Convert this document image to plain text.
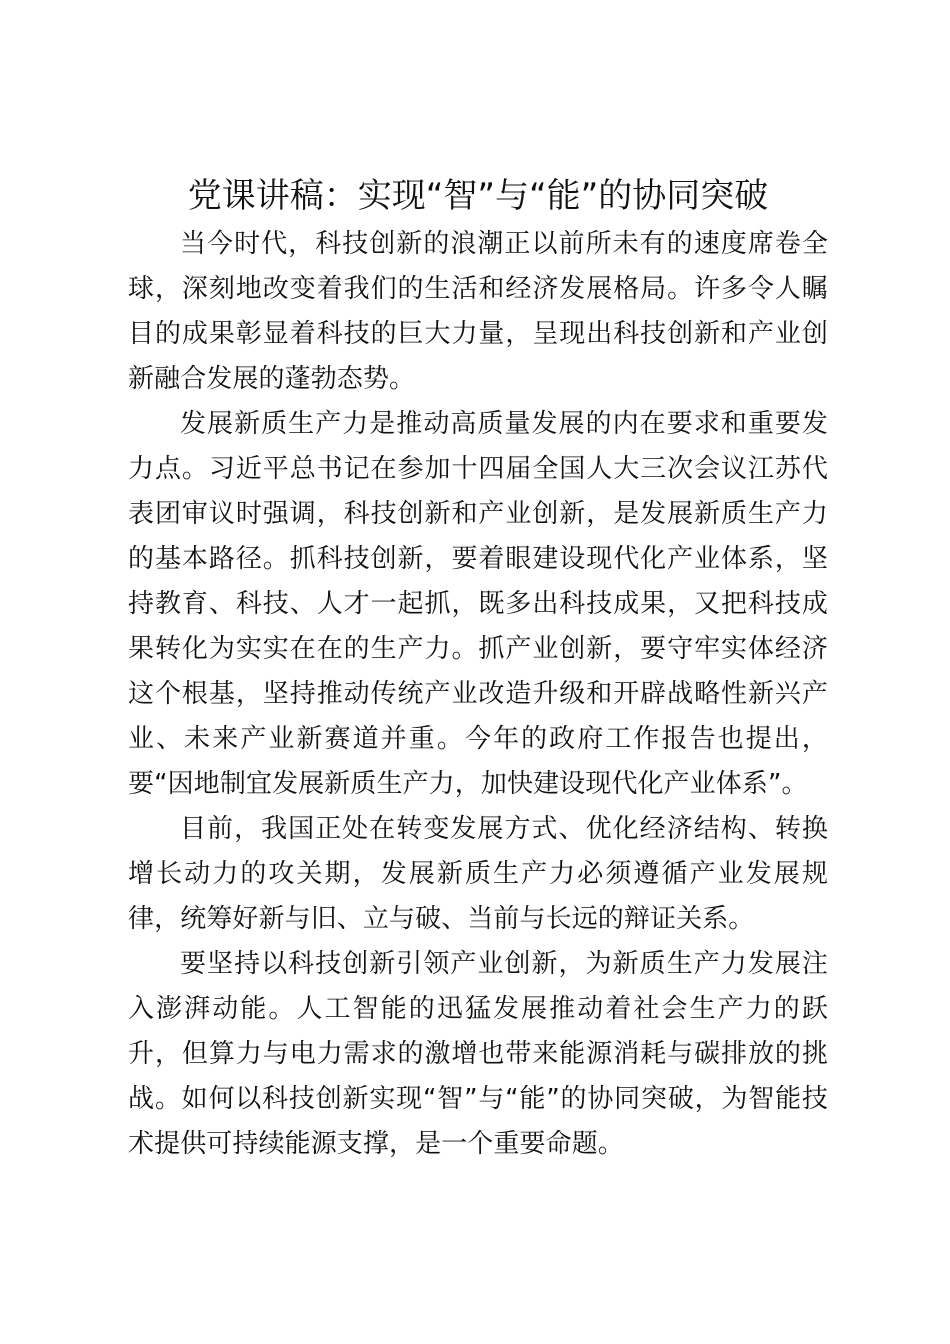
党课讲稿：实现“智”与“能”的协同突破

当今时代，科技创新的浪潮正以前所未有的速度席卷全球，深刻地改变着我们的生活和经济发展格局。许多令人瞩目的成果彰显着科技的巨大力量，呈现出科技创新和产业创新融合发展的蓬勃态势。

发展新质生产力是推动高质量发展的内在要求和重要发力点。习近平总书记在参加十四届全国人大三次会议江苏代表团审议时强调，科技创新和产业创新，是发展新质生产力的基本路径。抓科技创新，要着眼建设现代化产业体系，坚持教育、科技、人才一起抓，既多出科技成果，又把科技成果转化为实实在在的生产力。抓产业创新，要守牢实体经济这个根基，坚持推动传统产业改造升级和开辟战略性新兴产业、未来产业新赛道并重。今年的政府工作报告也提出，要“因地制宜发展新质生产力，加快建设现代化产业体系”。

目前，我国正处在转变发展方式、优化经济结构、转换增长动力的攻关期，发展新质生产力必须遵循产业发展规律，统筹好新与旧、立与破、当前与长远的辩证关系。

要坚持以科技创新引领产业创新，为新质生产力发展注入澎湃动能。人工智能的迅猛发展推动着社会生产力的跃升，但算力与电力需求的激增也带来能源消耗与碳排放的挑战。如何以科技创新实现“智”与“能”的协同突破，为智能技术提供可持续能源支撑，是一个重要命题。
